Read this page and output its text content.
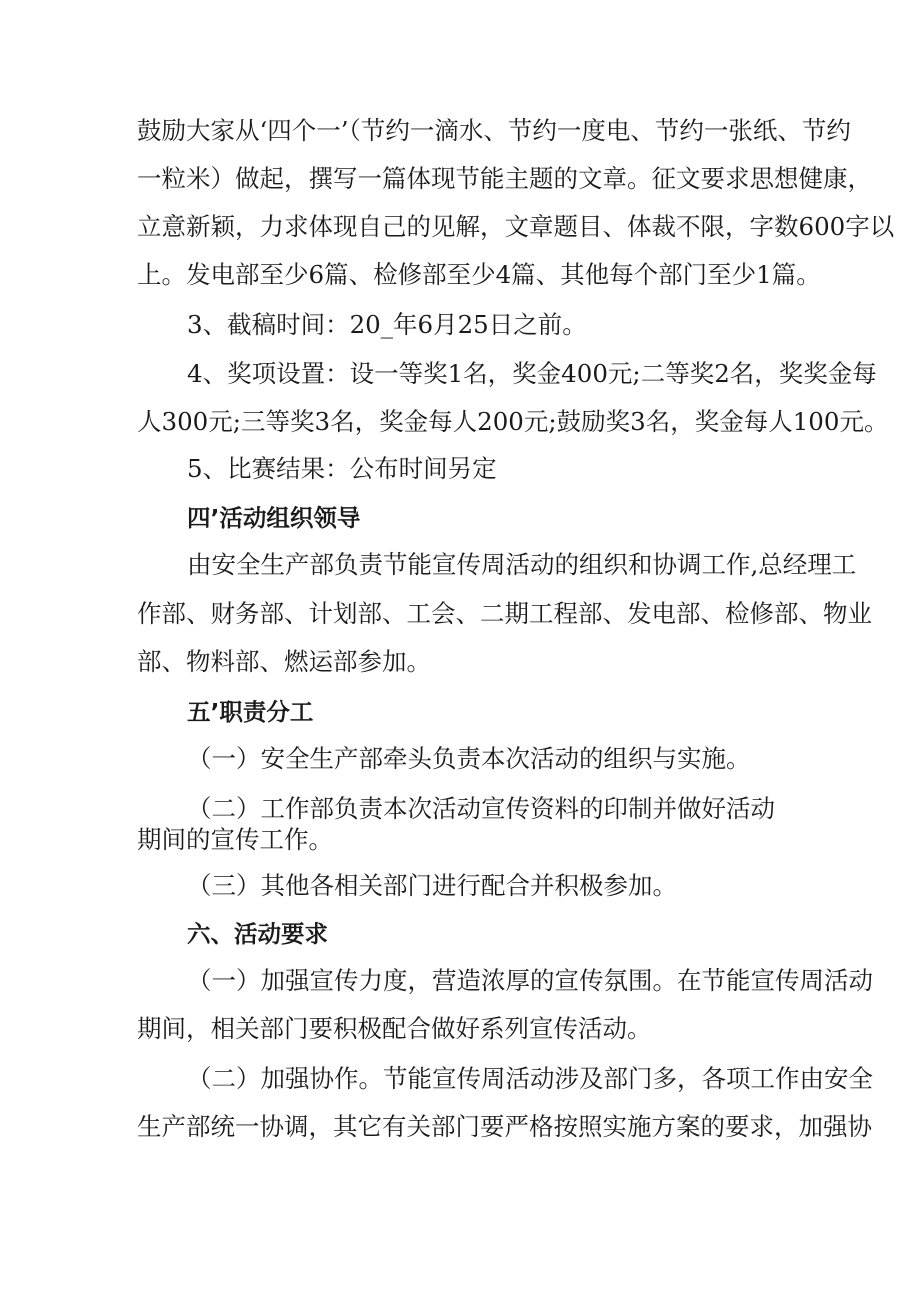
鼓励大家从‘四个一’（节约一滴水、节约一度电、节约一张纸、节约
一粒米）做起，撰写一篇体现节能主题的文章。征文要求思想健康，
立意新颖，力求体现自己的见解，文章题目、体裁不限，字数600字以
上。发电部至少6篇、检修部至少4篇、其他每个部门至少1篇。
3、截稿时间：20_年6月25日之前。
4、奖项设置：设一等奖1名，奖金400元;二等奖2名，奖奖金每
人300元;三等奖3名，奖金每人200元;鼓励奖3名，奖金每人100元。
5、比赛结果：公布时间另定
四’活动组织领导
由安全生产部负责节能宣传周活动的组织和协调工作,总经理工
作部、财务部、计划部、工会、二期工程部、发电部、检修部、物业
部、物料部、燃运部参加。
五’职责分工
（一）安全生产部牵头负责本次活动的组织与实施。
（二）工作部负责本次活动宣传资料的印制并做好活动
期间的宣传工作。
（三）其他各相关部门进行配合并积极参加。
六、活动要求
（一）加强宣传力度，营造浓厚的宣传氛围。在节能宣传周活动
期间，相关部门要积极配合做好系列宣传活动。
（二）加强协作。节能宣传周活动涉及部门多，各项工作由安全
生产部统一协调，其它有关部门要严格按照实施方案的要求，加强协
